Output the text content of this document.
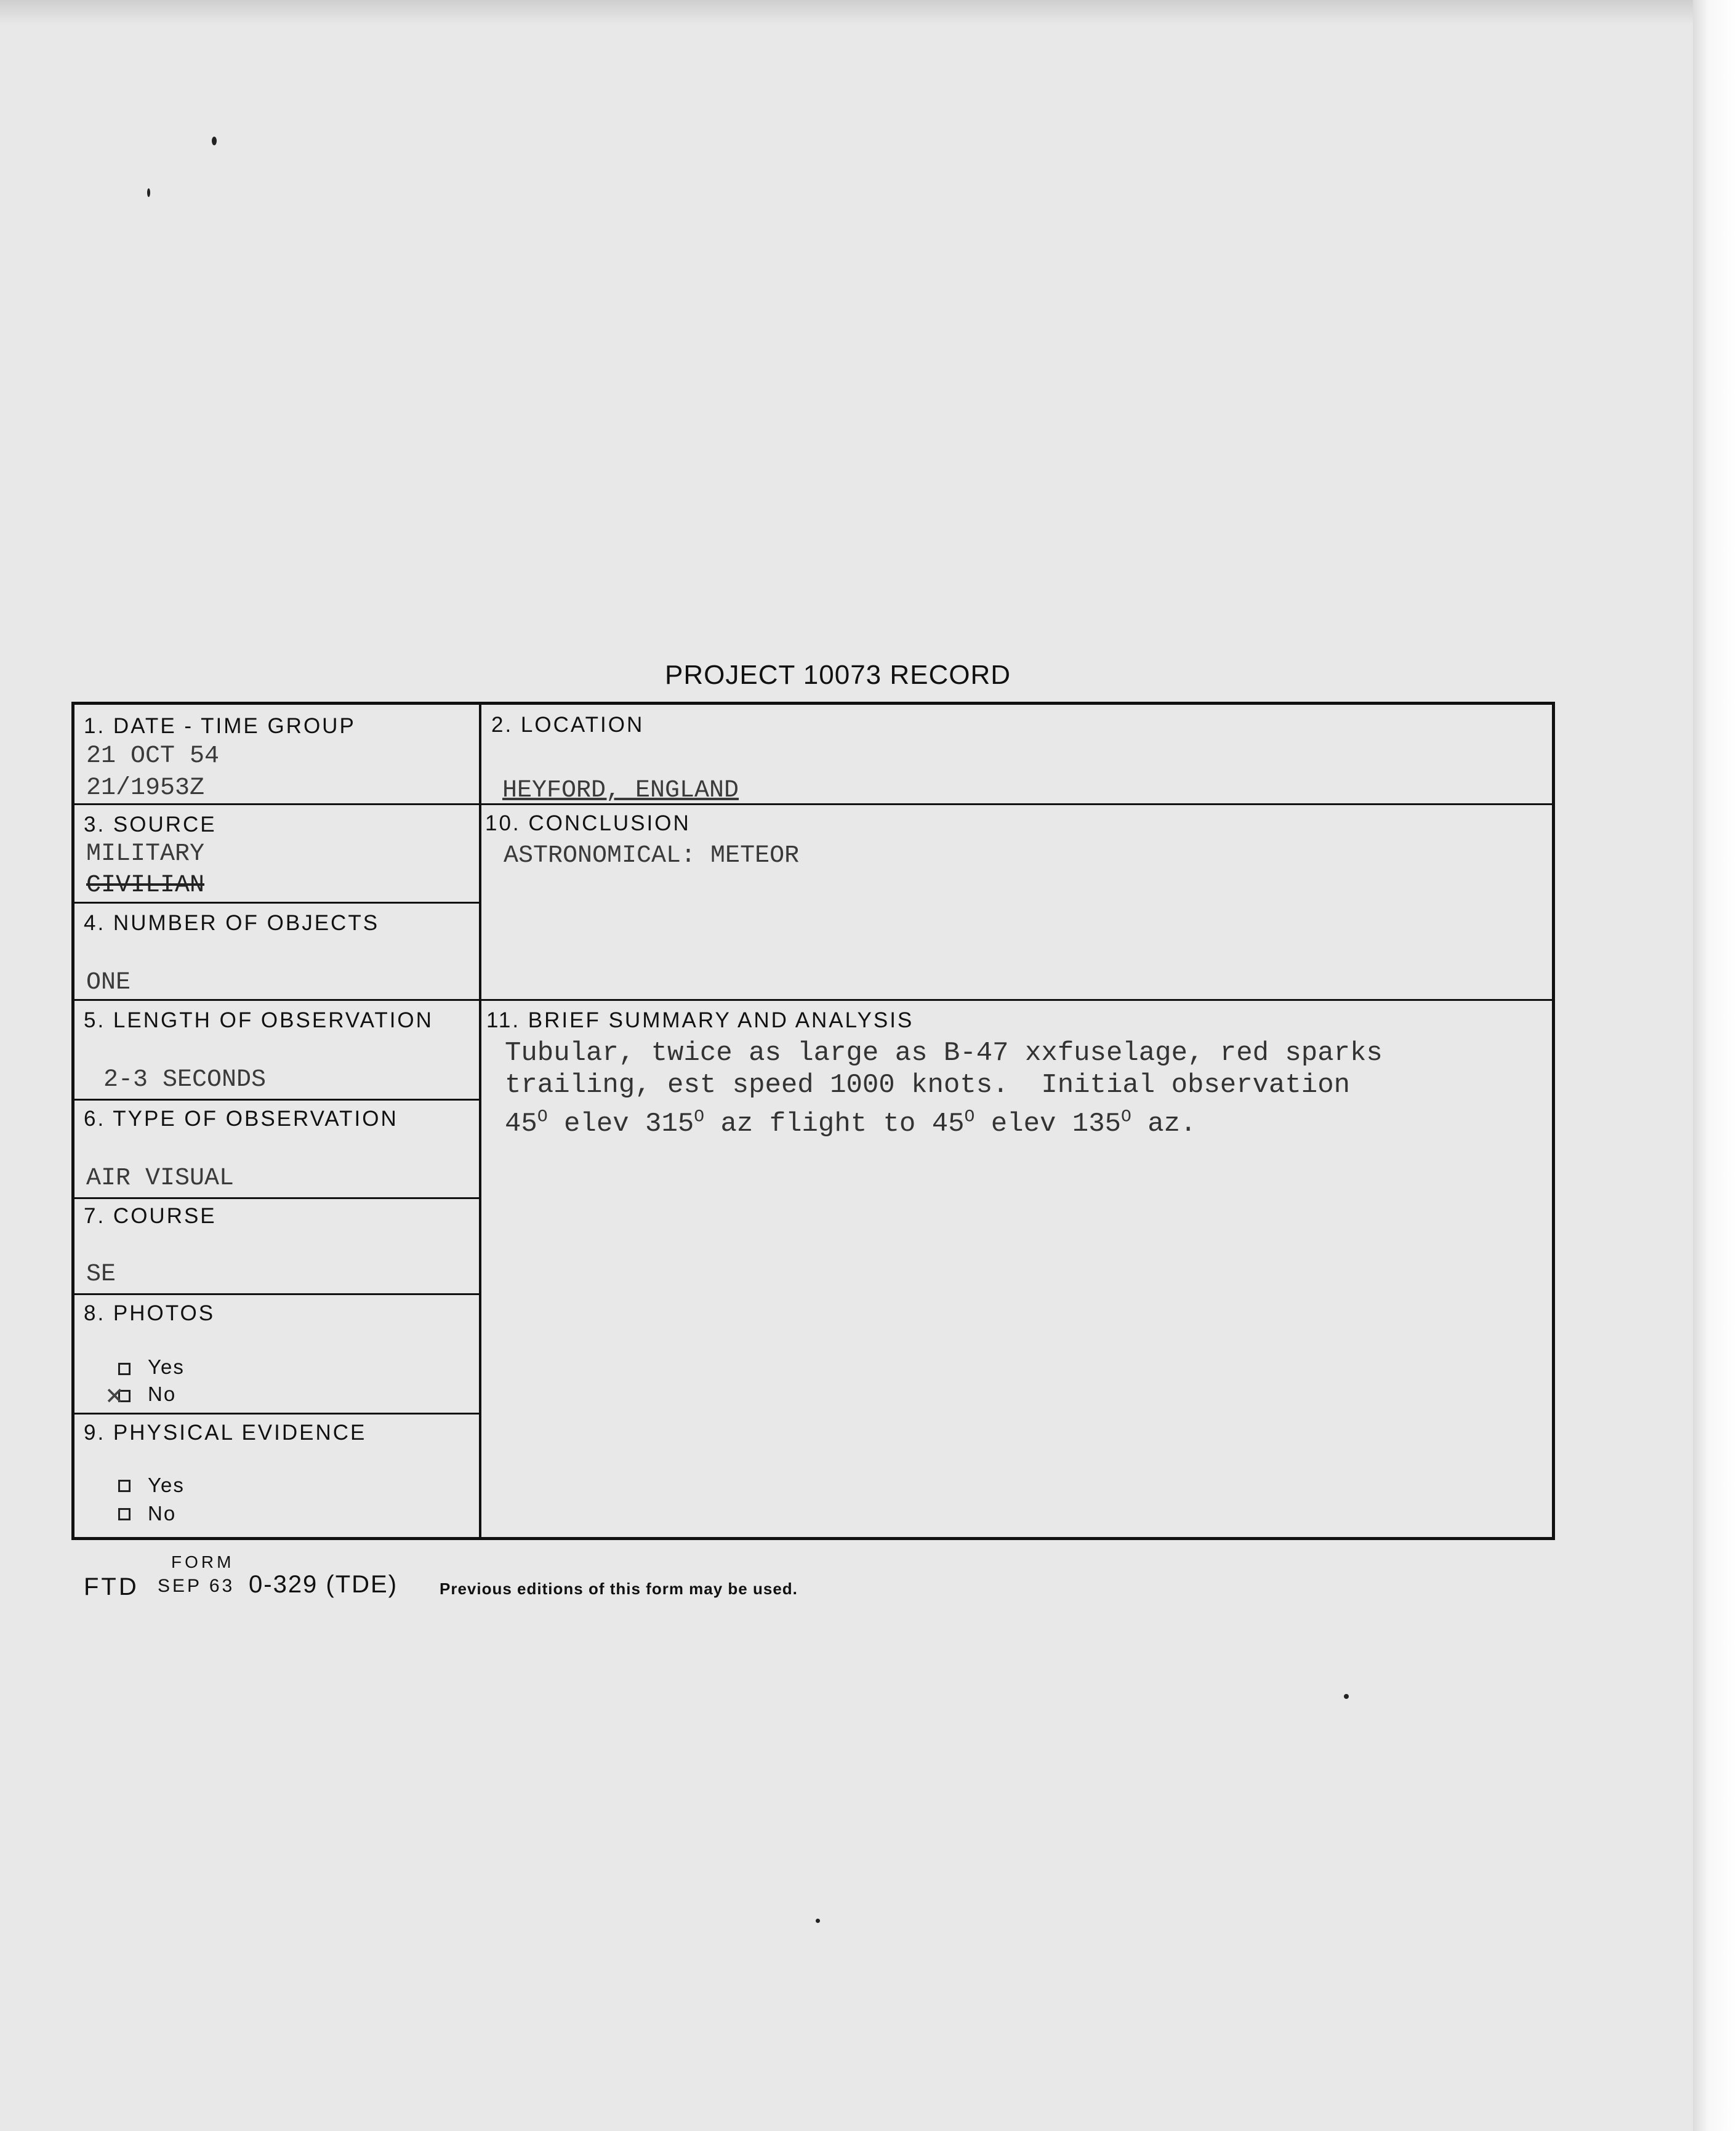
PROJECT 10073 RECORD
1. DATE - TIME GROUP
21 OCT 54
21/1953Z
2. LOCATION
HEYFORD, ENGLAND
3. SOURCE
MILITARY
CIVILIAN
10. CONCLUSION
ASTRONOMICAL: METEOR
4. NUMBER OF OBJECTS
ONE
5. LENGTH OF OBSERVATION
2-3 SECONDS
11. BRIEF SUMMARY AND ANALYSIS
Tubular, twice as large as B-47 xxfuselage, red sparks
trailing, est speed 1000 knots.  Initial observation
$45^O$ elev $315^O$ az flight to $45^O$ elev $135^O$ az.
6. TYPE OF OBSERVATION
AIR VISUAL
7. COURSE
SE
8. PHOTOS
Yes
✕ No
9. PHYSICAL EVIDENCE
Yes
No
FORM
FTD SEP 63 0-329 (TDE)	Previous editions of this form may be used.
